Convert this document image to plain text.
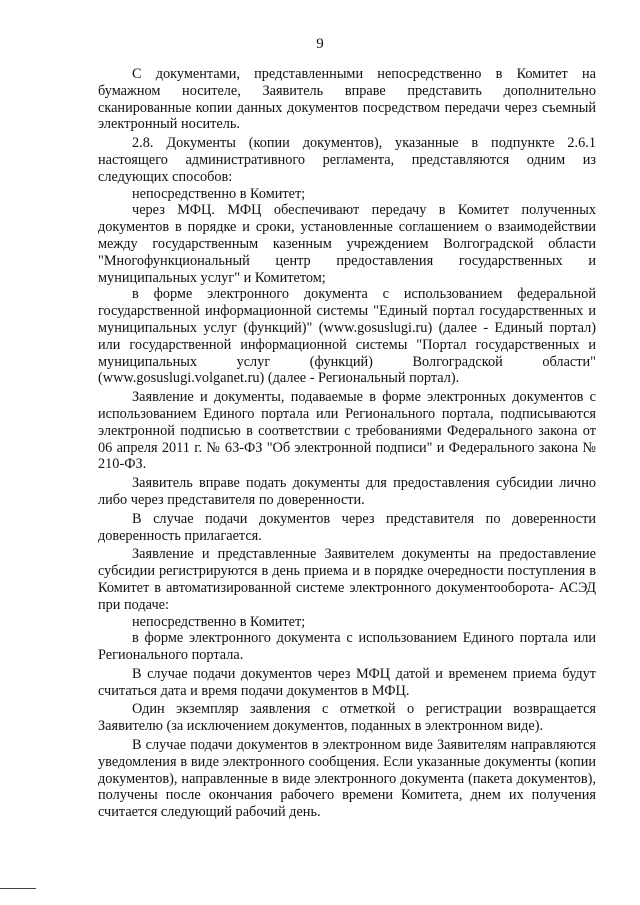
9

С документами, представленными непосредственно в Комитет на бумажном носителе, Заявитель вправе представить дополнительно сканированные копии данных документов посредством передачи через съемный электронный носитель.

2.8. Документы (копии документов), указанные в подпункте 2.6.1 настоящего административного регламента, представляются одним из следующих способов:

непосредственно в Комитет;

через МФЦ. МФЦ обеспечивают передачу в Комитет полученных документов в порядке и сроки, установленные соглашением о взаимодействии между государственным казенным учреждением Волгоградской области "Многофункциональный центр предоставления государственных и муниципальных услуг" и Комитетом;

в форме электронного документа с использованием федеральной государственной информационной системы "Единый портал государственных и муниципальных услуг (функций)" (www.gosuslugi.ru) (далее - Единый портал) или государственной информационной системы "Портал государственных и муниципальных услуг (функций) Волгоградской области" (www.gosuslugi.volganet.ru) (далее - Региональный портал).

Заявление и документы, подаваемые в форме электронных документов с использованием Единого портала или Регионального портала, подписываются электронной подписью в соответствии с требованиями Федерального закона от 06 апреля 2011 г. № 63-ФЗ "Об электронной подписи" и Федерального закона № 210-ФЗ.

Заявитель вправе подать документы для предоставления субсидии лично либо через представителя по доверенности.

В случае подачи документов через представителя по доверенности доверенность прилагается.

Заявление и представленные Заявителем документы на предоставление субсидии регистрируются в день приема и в порядке очередности поступления в Комитет в автоматизированной системе электронного документооборота- АСЭД при подаче:

непосредственно в Комитет;

в форме электронного документа с использованием Единого портала или Регионального портала.

В случае подачи документов через МФЦ датой и временем приема будут считаться дата и время подачи документов в МФЦ.

Один экземпляр заявления с отметкой о регистрации возвращается Заявителю (за исключением документов, поданных в электронном виде).

В случае подачи документов в электронном виде Заявителям направляются уведомления в виде электронного сообщения. Если указанные документы (копии документов), направленные в виде электронного документа (пакета документов), получены после окончания рабочего времени Комитета, днем их получения считается следующий рабочий день.
